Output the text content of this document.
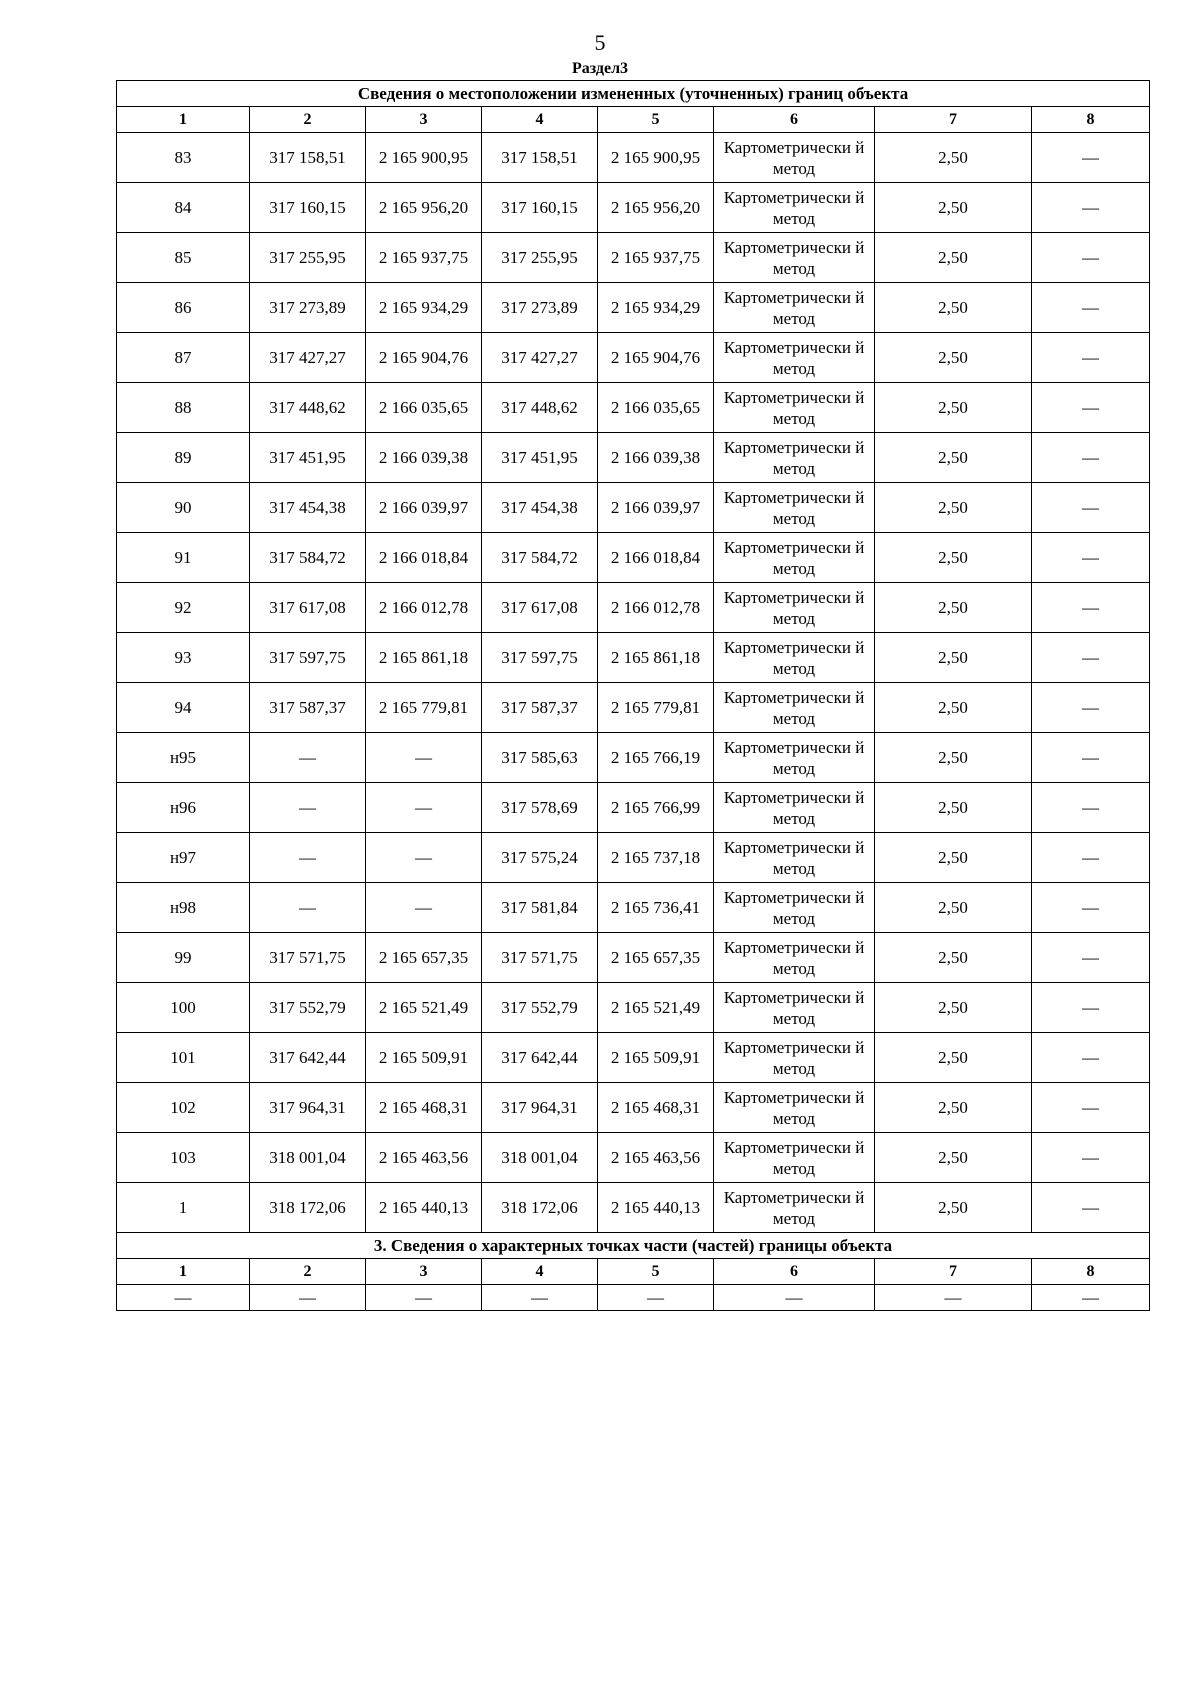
5
Раздел3
Сведения о местоположении измененных (уточненных) границ объекта							
1	2	3	4	5	6	7	8
83	317 158,51	2 165 900,95	317 158,51	2 165 900,95	Картометрически й метод	2,50	—
84	317 160,15	2 165 956,20	317 160,15	2 165 956,20	Картометрически й метод	2,50	—
85	317 255,95	2 165 937,75	317 255,95	2 165 937,75	Картометрически й метод	2,50	—
86	317 273,89	2 165 934,29	317 273,89	2 165 934,29	Картометрически й метод	2,50	—
87	317 427,27	2 165 904,76	317 427,27	2 165 904,76	Картометрически й метод	2,50	—
88	317 448,62	2 166 035,65	317 448,62	2 166 035,65	Картометрически й метод	2,50	—
89	317 451,95	2 166 039,38	317 451,95	2 166 039,38	Картометрически й метод	2,50	—
90	317 454,38	2 166 039,97	317 454,38	2 166 039,97	Картометрически й метод	2,50	—
91	317 584,72	2 166 018,84	317 584,72	2 166 018,84	Картометрически й метод	2,50	—
92	317 617,08	2 166 012,78	317 617,08	2 166 012,78	Картометрически й метод	2,50	—
93	317 597,75	2 165 861,18	317 597,75	2 165 861,18	Картометрически й метод	2,50	—
94	317 587,37	2 165 779,81	317 587,37	2 165 779,81	Картометрически й метод	2,50	—
н95	—	—	317 585,63	2 165 766,19	Картометрически й метод	2,50	—
н96	—	—	317 578,69	2 165 766,99	Картометрически й метод	2,50	—
н97	—	—	317 575,24	2 165 737,18	Картометрически й метод	2,50	—
н98	—	—	317 581,84	2 165 736,41	Картометрически й метод	2,50	—
99	317 571,75	2 165 657,35	317 571,75	2 165 657,35	Картометрически й метод	2,50	—
100	317 552,79	2 165 521,49	317 552,79	2 165 521,49	Картометрически й метод	2,50	—
101	317 642,44	2 165 509,91	317 642,44	2 165 509,91	Картометрически й метод	2,50	—
102	317 964,31	2 165 468,31	317 964,31	2 165 468,31	Картометрически й метод	2,50	—
103	318 001,04	2 165 463,56	318 001,04	2 165 463,56	Картометрически й метод	2,50	—
1	318 172,06	2 165 440,13	318 172,06	2 165 440,13	Картометрически й метод	2,50	—
3. Сведения о характерных точках части (частей) границы объекта							
1	2	3	4	5	6	7	8
—	—	—	—	—	—	—	—
